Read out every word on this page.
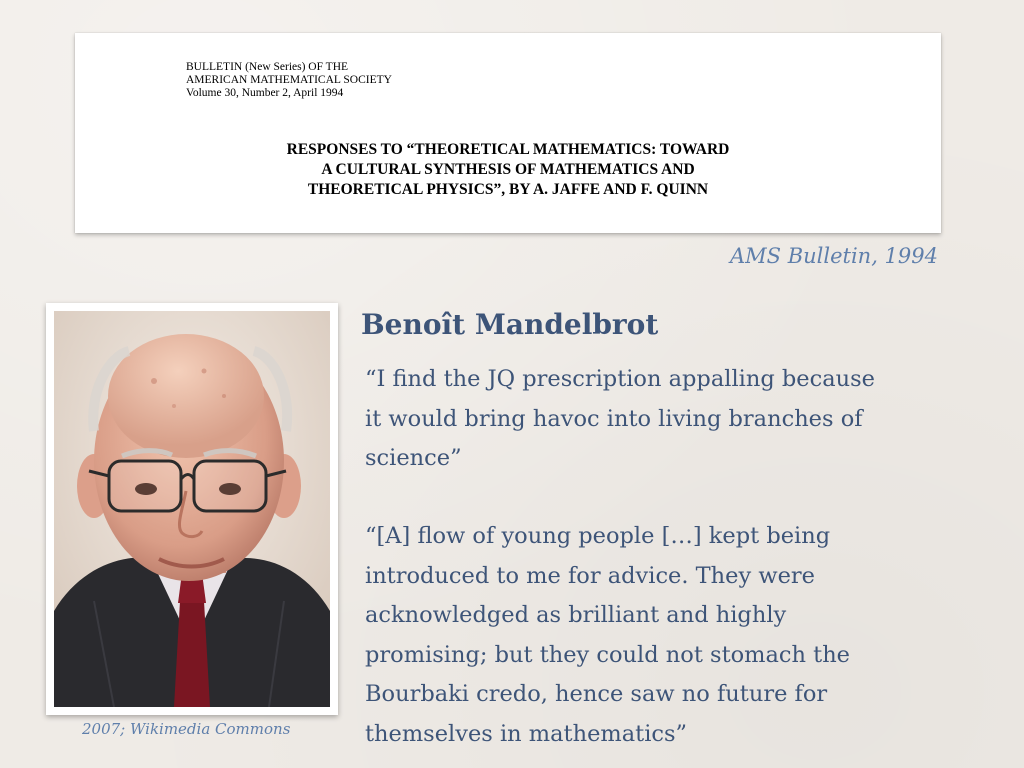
BULLETIN (New Series) OF THE
AMERICAN MATHEMATICAL SOCIETY
Volume 30, Number 2, April 1994
RESPONSES TO “THEORETICAL MATHEMATICS: TOWARD
A CULTURAL SYNTHESIS OF MATHEMATICS AND
THEORETICAL PHYSICS”, BY A. JAFFE AND F. QUINN
AMS Bulletin, 1994
2007; Wikimedia Commons
Benoît Mandelbrot
“I find the JQ prescription appalling because
it would bring havoc into living branches of
science”
“[A] flow of young people […] kept being
introduced to me for advice. They were
acknowledged as brilliant and highly
promising; but they could not stomach the
Bourbaki credo, hence saw no future for
themselves in mathematics”
